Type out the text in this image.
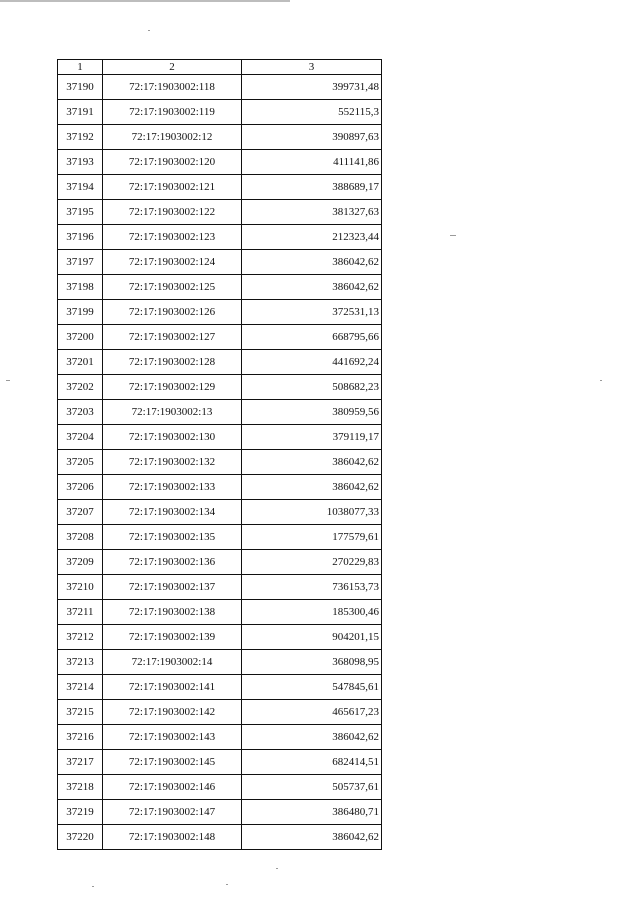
1	2	3
37190	72:17:1903002:118	399731,48
37191	72:17:1903002:119	552115,3
37192	72:17:1903002:12	390897,63
37193	72:17:1903002:120	411141,86
37194	72:17:1903002:121	388689,17
37195	72:17:1903002:122	381327,63
37196	72:17:1903002:123	212323,44
37197	72:17:1903002:124	386042,62
37198	72:17:1903002:125	386042,62
37199	72:17:1903002:126	372531,13
37200	72:17:1903002:127	668795,66
37201	72:17:1903002:128	441692,24
37202	72:17:1903002:129	508682,23
37203	72:17:1903002:13	380959,56
37204	72:17:1903002:130	379119,17
37205	72:17:1903002:132	386042,62
37206	72:17:1903002:133	386042,62
37207	72:17:1903002:134	1038077,33
37208	72:17:1903002:135	177579,61
37209	72:17:1903002:136	270229,83
37210	72:17:1903002:137	736153,73
37211	72:17:1903002:138	185300,46
37212	72:17:1903002:139	904201,15
37213	72:17:1903002:14	368098,95
37214	72:17:1903002:141	547845,61
37215	72:17:1903002:142	465617,23
37216	72:17:1903002:143	386042,62
37217	72:17:1903002:145	682414,51
37218	72:17:1903002:146	505737,61
37219	72:17:1903002:147	386480,71
37220	72:17:1903002:148	386042,62
